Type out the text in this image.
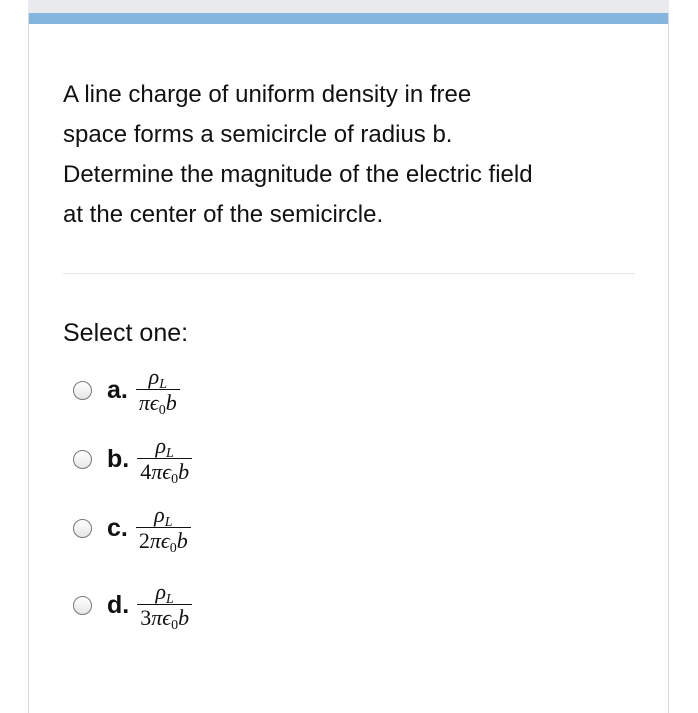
A line charge of uniform density in free
space forms a semicircle of radius b.
Determine the magnitude of the electric field
at the center of the semicircle.
Select one:
a. $\frac{\rho_L}{\pi\epsilon_0b}$
b. $\frac{\rho_L}{4\pi\epsilon_0b}$
c. $\frac{\rho_L}{2\pi\epsilon_0b}$
d. $\frac{\rho_L}{3\pi\epsilon_0b}$
